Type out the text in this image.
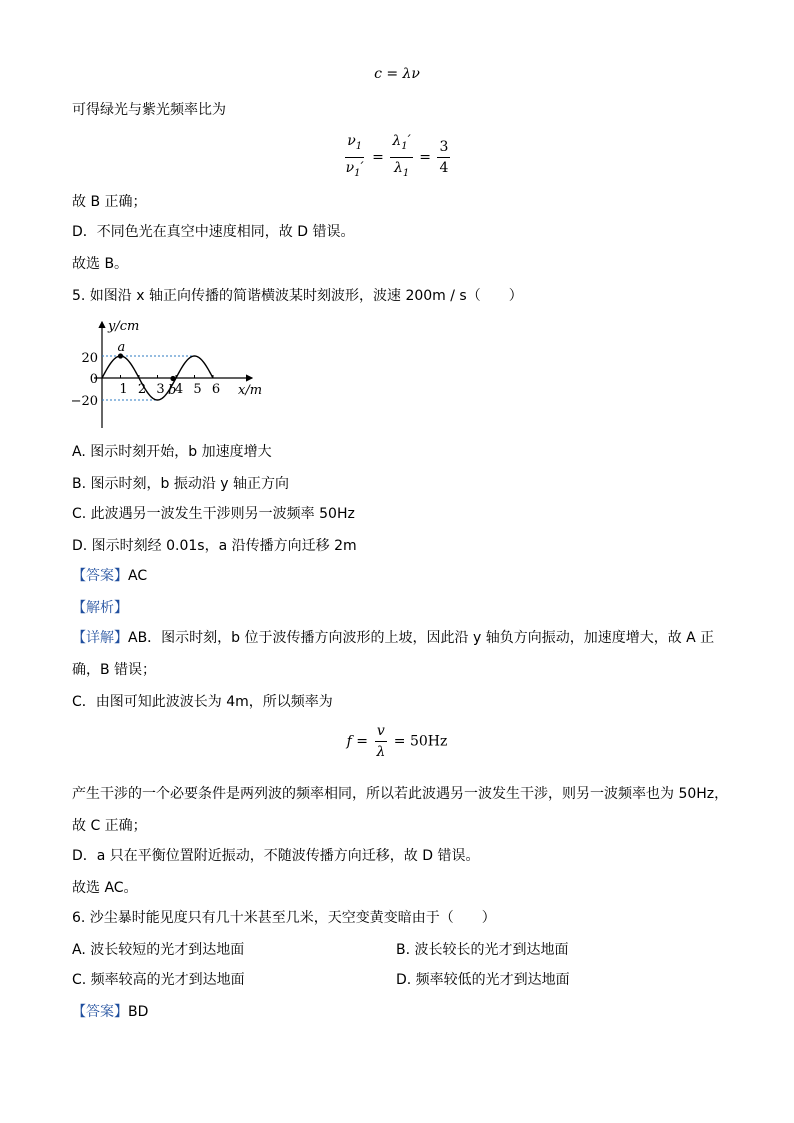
c = λν
可得绿光与紫光频率比为
$\frac{\nu_1}{\nu_1'} = \frac{\lambda_1'}{\lambda_1} = \frac{3}{4}$
故 B 正确；
D．不同色光在真空中速度相同，故 D 错误。
故选 B。
5. 如图沿 x 轴正向传播的简谐横波某时刻波形，波速 200m / s（　　）
1 2 3 4 5 6
y/cm
x/m
20
0
−20
a
b
A. 图示时刻开始，b 加速度增大
B. 图示时刻，b 振动沿 y 轴正方向
C. 此波遇另一波发生干涉则另一波频率 50Hz
D. 图示时刻经 0.01s，a 沿传播方向迁移 2m
【答案】AC
【解析】
【详解】AB．图示时刻，b 位于波传播方向波形的上坡，因此沿 y 轴负方向振动，加速度增大，故 A 正
确，B 错误；
C．由图可知此波波长为 4m，所以频率为
$f = \frac{v}{\lambda} = 50Hz$
产生干涉的一个必要条件是两列波的频率相同，所以若此波遇另一波发生干涉，则另一波频率也为 50Hz，
故 C 正确；
D．a 只在平衡位置附近振动，不随波传播方向迁移，故 D 错误。
故选 AC。
6. 沙尘暴时能见度只有几十米甚至几米，天空变黄变暗由于（　　）
A. 波长较短的光才到达地面	B. 波长较长的光才到达地面
C. 频率较高的光才到达地面	D. 频率较低的光才到达地面
【答案】BD
